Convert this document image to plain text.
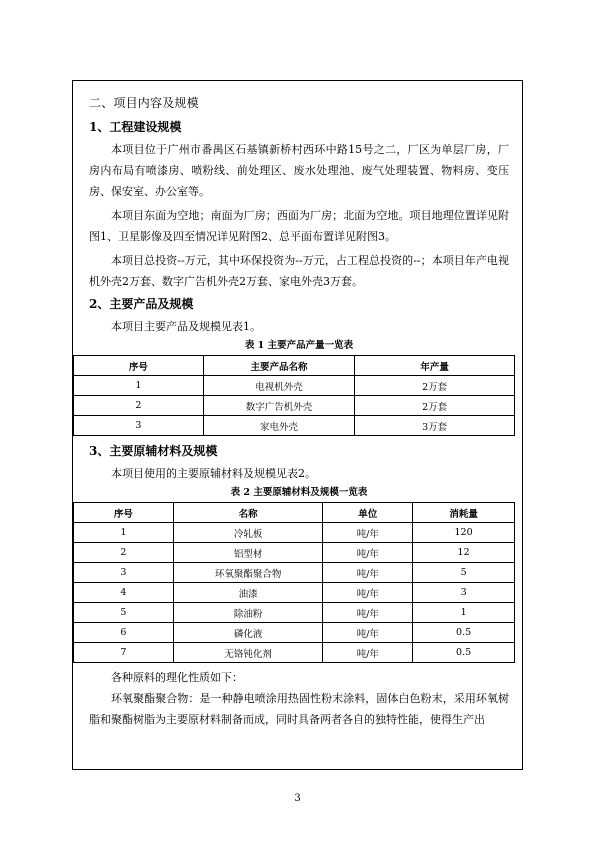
二、项目内容及规模
1、工程建设规模

本项目位于广州市番禺区石基镇新桥村西环中路15号之二，厂区为单层厂房，厂房内布局有喷漆房、喷粉线、前处理区、废水处理池、废气处理装置、物料房、变压房、保安室、办公室等。

本项目东面为空地；南面为厂房；西面为厂房；北面为空地。项目地理位置详见附图1、卫星影像及四至情况详见附图2、总平面布置详见附图3。

本项目总投资--万元，其中环保投资为--万元，占工程总投资的--；本项目年产电视机外壳2万套、数字广告机外壳2万套、家电外壳3万套。

2、主要产品及规模

本项目主要产品及规模见表1。

表 1 主要产品产量一览表
序号	主要产品名称	年产量
1	电视机外壳	2万套
2	数字广告机外壳	2万套
3	家电外壳	3万套
3、主要原辅材料及规模

本项目使用的主要原辅材料及规模见表2。

表 2 主要原辅材料及规模一览表
序号	名称	单位	消耗量
1	冷轧板	吨/年	120
2	铝型材	吨/年	12
3	环氧聚酯聚合物	吨/年	5
4	油漆	吨/年	3
5	除油粉	吨/年	1
6	磷化液	吨/年	0.5
7	无铬钝化剂	吨/年	0.5

各种原料的理化性质如下：

环氧聚酯聚合物：是一种静电喷涂用热固性粉末涂料，固体白色粉末，采用环氧树脂和聚酯树脂为主要原材料制备而成，同时具备两者各自的独特性能，使得生产出

3
